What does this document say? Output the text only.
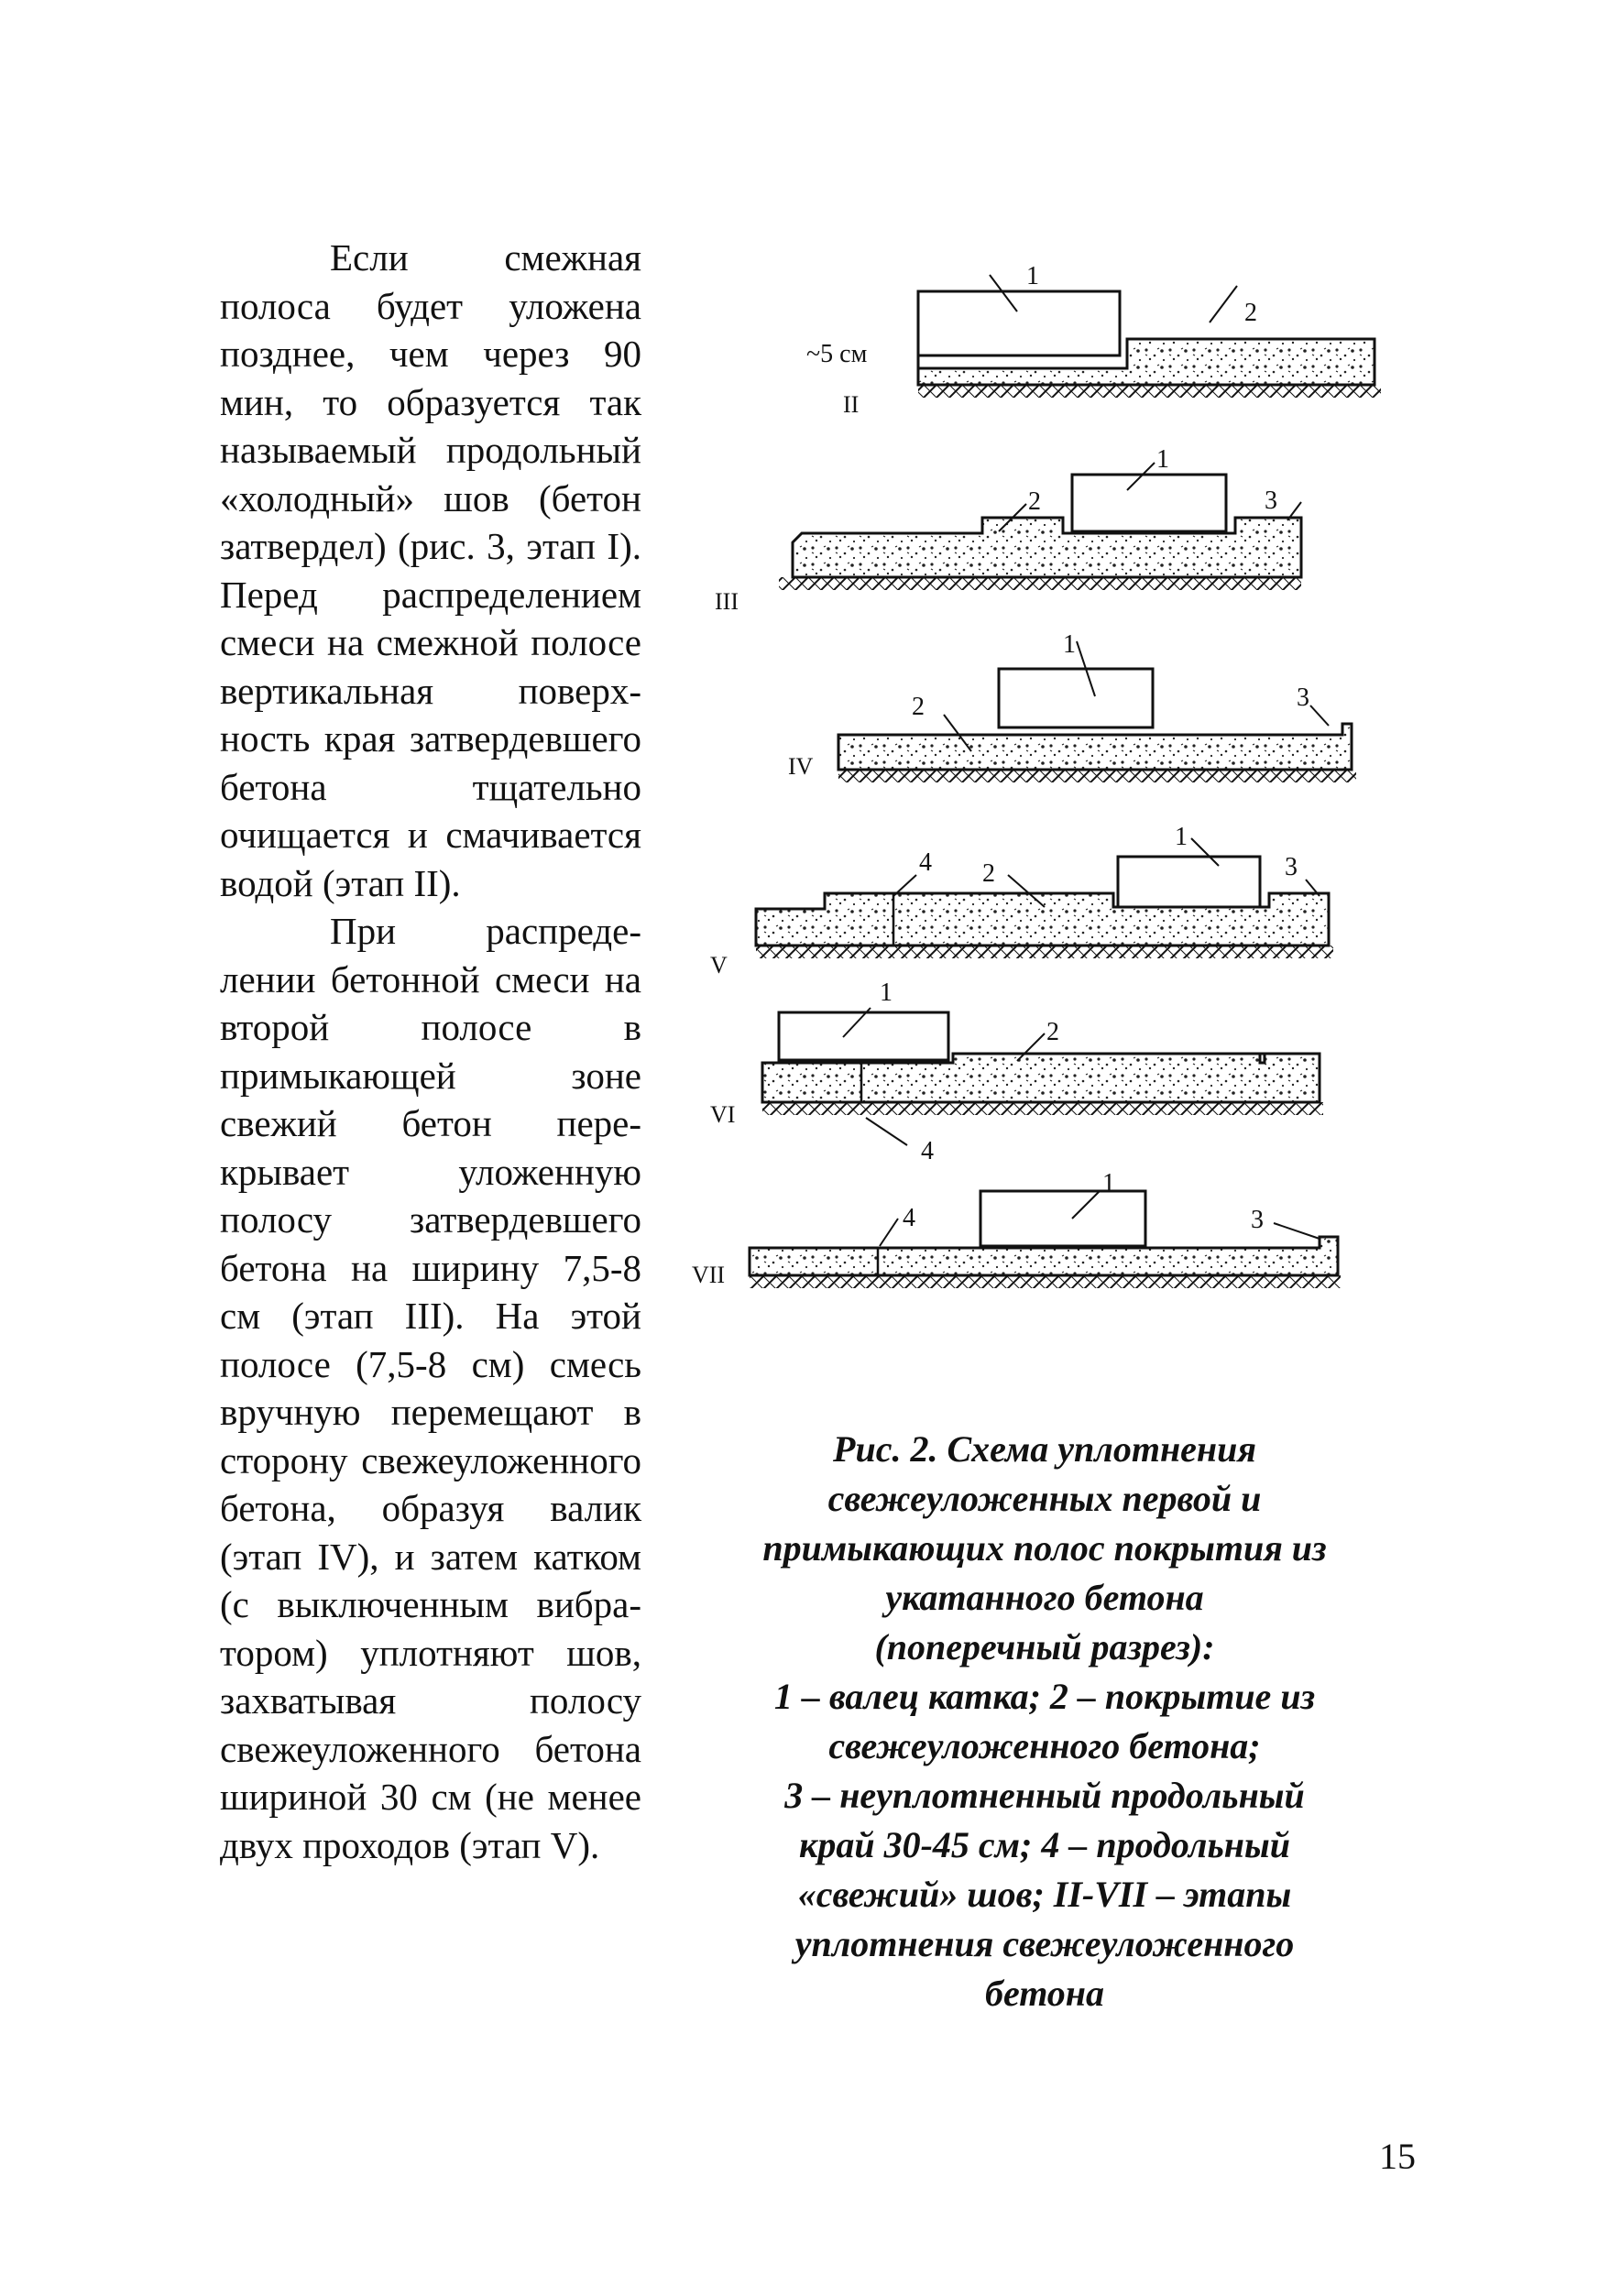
Если смежная полоса будет уложена позднее, чем через 90 мин, то образуется так называемый продольный «холодный» шов (бетон затвердел) (рис. 3, этап I). Перед распределением смеси на смежной полосе вертикальная поверхность края затвердевшего бетона тщательно очищается и смачивается водой (этап II).

При распределении бетонной смеси на второй полосе в примыкающей зоне свежий бетон перекрывает уложенную полосу затвердевшего бетона на ширину 7,5-8 см (этап III). На этой полосе (7,5-8 см) смесь вручную перемещают в сторону свежеуложенного бетона, образуя валик (этап IV), и затем катком (с выключенным вибратором) уплотняют шов, захватывая полосу свежеуложенного бетона шириной 30 см (не менее двух проходов (этап V).

1
2
~5 см
II
2
1
3
III
1
2	3
IV
4 2
1
3
V
1
2
4
VI
1
4	3
VII
Рис. 2. Схема уплотнения
свежеуложенных первой и
примыкающих полос покрытия из
укатанного бетона
(поперечный разрез):
1 – валец катка; 2 – покрытие из
свежеуложенного бетона;
3 – неуплотненный продольный
край 30-45 см; 4 – продольный
«свежий» шов; II-VII – этапы
уплотнения свежеуложенного
бетона
15
